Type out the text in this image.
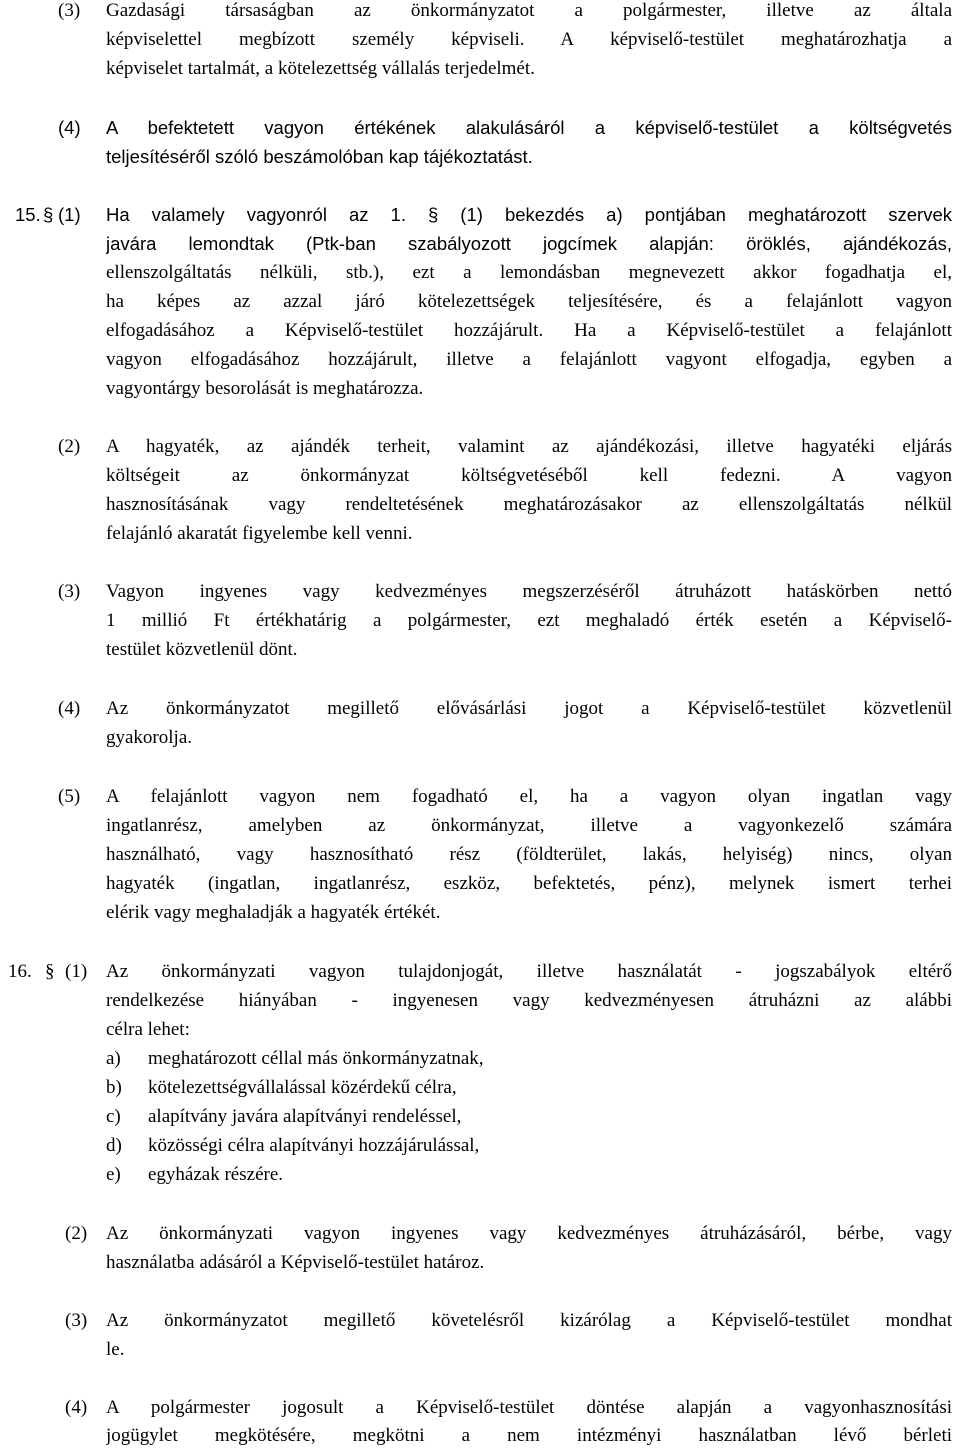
(3) Gazdasági társaságban az önkormányzatot a polgármester, illetve az általa
képviselettel megbízott személy képviseli. A képviselő-testület meghatározhatja a
képviselet tartalmát, a kötelezettség vállalás terjedelmét.
(4) A befektetett vagyon értékének alakulásáról a képviselő-testület a költségvetés
teljesítéséről szóló beszámolóban kap tájékoztatást.
15. § (1) Ha valamely vagyonról az 1. § (1) bekezdés a) pontjában meghatározott szervek
javára lemondtak (Ptk-ban szabályozott jogcímek alapján: öröklés, ajándékozás,
ellenszolgáltatás nélküli, stb.), ezt a lemondásban megnevezett akkor fogadhatja el,
ha képes az azzal járó kötelezettségek teljesítésére, és a felajánlott vagyon
elfogadásához a Képviselő-testület hozzájárult. Ha a Képviselő-testület a felajánlott
vagyon elfogadásához hozzájárult, illetve a felajánlott vagyont elfogadja, egyben a
vagyontárgy besorolását is meghatározza.
(2) A hagyaték, az ajándék terheit, valamint az ajándékozási, illetve hagyatéki eljárás
költségeit az önkormányzat költségvetéséből kell fedezni. A vagyon
hasznosításának vagy rendeltetésének meghatározásakor az ellenszolgáltatás nélkül
felajánló akaratát figyelembe kell venni.
(3) Vagyon ingyenes vagy kedvezményes megszerzéséről átruházott hatáskörben nettó
1 millió Ft értékhatárig a polgármester, ezt meghaladó érték esetén a Képviselő-
testület közvetlenül dönt.
(4) Az önkormányzatot megillető elővásárlási jogot a Képviselő-testület közvetlenül
gyakorolja.
(5) A felajánlott vagyon nem fogadható el, ha a vagyon olyan ingatlan vagy
ingatlanrész, amelyben az önkormányzat, illetve a vagyonkezelő számára
használható, vagy hasznosítható rész (földterület, lakás, helyiség) nincs, olyan
hagyaték (ingatlan, ingatlanrész, eszköz, befektetés, pénz), melynek ismert terhei
elérik vagy meghaladják a hagyaték értékét.
16. § (1) Az önkormányzati vagyon tulajdonjogát, illetve használatát - jogszabályok eltérő
rendelkezése hiányában - ingyenesen vagy kedvezményesen átruházni az alábbi
célra lehet:
a) meghatározott céllal más önkormányzatnak,
b) kötelezettségvállalással közérdekű célra,
c) alapítvány javára alapítványi rendeléssel,
d) közösségi célra alapítványi hozzájárulással,
e) egyházak részére.
(2) Az önkormányzati vagyon ingyenes vagy kedvezményes átruházásáról, bérbe, vagy
használatba adásáról a Képviselő-testület határoz.
(3) Az önkormányzatot megillető követelésről kizárólag a Képviselő-testület mondhat
le.
(4) A polgármester jogosult a Képviselő-testület döntése alapján a vagyonhasznosítási
jogügylet megkötésére, megkötni a nem intézményi használatban lévő bérleti
